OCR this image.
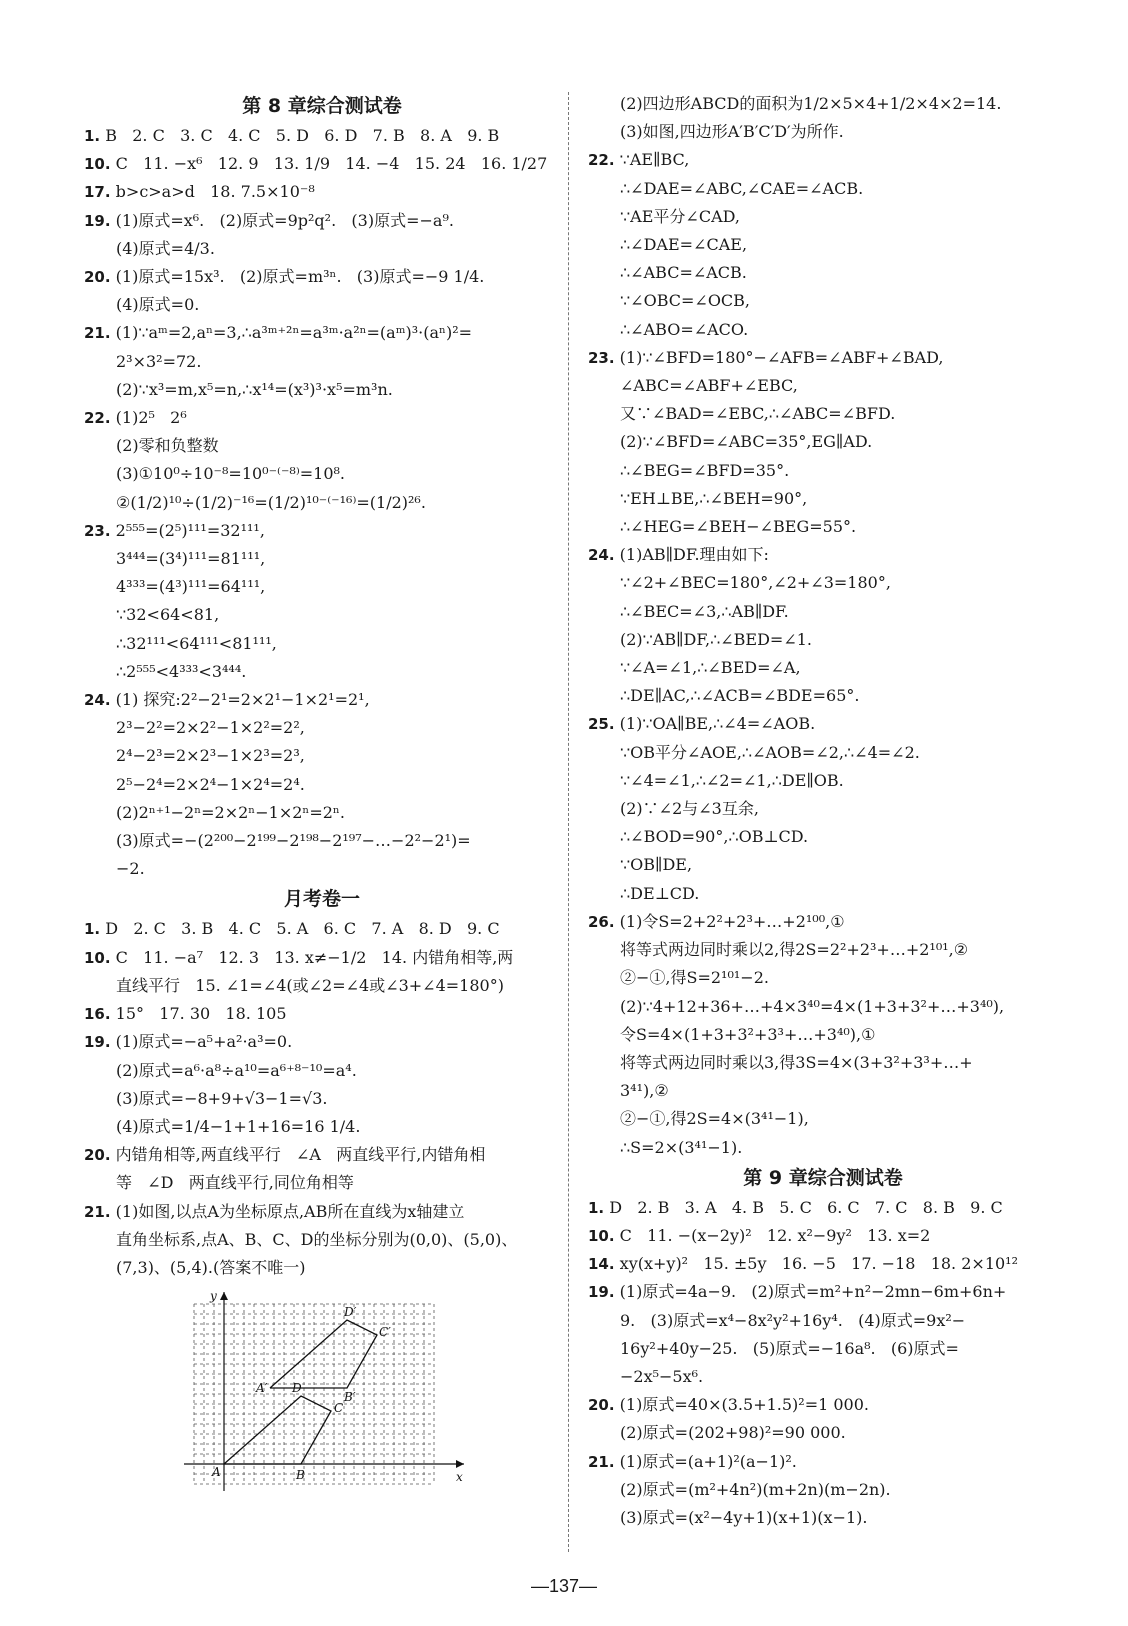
第 8 章综合测试卷
1. B   2. C   3. C   4. C   5. D   6. D   7. B   8. A   9. B
10. C   11. −x⁶   12. 9   13. 1/9   14. −4   15. 24   16. 1/27
17. b>c>a>d   18. 7.5×10⁻⁸
19. (1)原式=x⁶.   (2)原式=9p²q².   (3)原式=−a⁹.
(4)原式=4/3.
20. (1)原式=15x³.   (2)原式=m³ⁿ.   (3)原式=−9 1/4.
(4)原式=0.
21. (1)∵aᵐ=2,aⁿ=3,∴a³ᵐ⁺²ⁿ=a³ᵐ·a²ⁿ=(aᵐ)³·(aⁿ)²=
2³×3²=72.
(2)∵x³=m,x⁵=n,∴x¹⁴=(x³)³·x⁵=m³n.
22. (1)2⁵   2⁶
(2)零和负整数
(3)①10⁰÷10⁻⁸=10⁰⁻⁽⁻⁸⁾=10⁸.
②(1/2)¹⁰÷(1/2)⁻¹⁶=(1/2)¹⁰⁻⁽⁻¹⁶⁾=(1/2)²⁶.
23. 2⁵⁵⁵=(2⁵)¹¹¹=32¹¹¹,
3⁴⁴⁴=(3⁴)¹¹¹=81¹¹¹,
4³³³=(4³)¹¹¹=64¹¹¹,
∵32<64<81,
∴32¹¹¹<64¹¹¹<81¹¹¹,
∴2⁵⁵⁵<4³³³<3⁴⁴⁴.
24. (1) 探究:2²−2¹=2×2¹−1×2¹=2¹,
2³−2²=2×2²−1×2²=2²,
2⁴−2³=2×2³−1×2³=2³,
2⁵−2⁴=2×2⁴−1×2⁴=2⁴.
(2)2ⁿ⁺¹−2ⁿ=2×2ⁿ−1×2ⁿ=2ⁿ.
(3)原式=−(2²⁰⁰−2¹⁹⁹−2¹⁹⁸−2¹⁹⁷−…−2²−2¹)=
−2.
月考卷一
1. D   2. C   3. B   4. C   5. A   6. C   7. A   8. D   9. C
10. C   11. −a⁷   12. 3   13. x≠−1/2   14. 内错角相等,两
直线平行   15. ∠1=∠4(或∠2=∠4或∠3+∠4=180°)
16. 15°   17. 30   18. 105
19. (1)原式=−a⁵+a²·a³=0.
(2)原式=a⁶·a⁸÷a¹⁰=a⁶⁺⁸⁻¹⁰=a⁴.
(3)原式=−8+9+√3−1=√3.
(4)原式=1/4−1+1+16=16 1/4.
20. 内错角相等,两直线平行   ∠A   两直线平行,内错角相
等   ∠D   两直线平行,同位角相等
21. (1)如图,以点A为坐标原点,AB所在直线为x轴建立
直角坐标系,点A、B、C、D的坐标分别为(0,0)、(5,0)、
(7,3)、(5,4).(答案不唯一)
y
x
A	B
C
D
A′
B′
C′
D′
(2)四边形ABCD的面积为1/2×5×4+1/2×4×2=14.
(3)如图,四边形A′B′C′D′为所作.
22. ∵AE∥BC,
∴∠DAE=∠ABC,∠CAE=∠ACB.
∵AE平分∠CAD,
∴∠DAE=∠CAE,
∴∠ABC=∠ACB.
∵∠OBC=∠OCB,
∴∠ABO=∠ACO.
23. (1)∵∠BFD=180°−∠AFB=∠ABF+∠BAD,
∠ABC=∠ABF+∠EBC,
又∵∠BAD=∠EBC,∴∠ABC=∠BFD.
(2)∵∠BFD=∠ABC=35°,EG∥AD.
∴∠BEG=∠BFD=35°.
∵EH⊥BE,∴∠BEH=90°,
∴∠HEG=∠BEH−∠BEG=55°.
24. (1)AB∥DF.理由如下:
∵∠2+∠BEC=180°,∠2+∠3=180°,
∴∠BEC=∠3,∴AB∥DF.
(2)∵AB∥DF,∴∠BED=∠1.
∵∠A=∠1,∴∠BED=∠A,
∴DE∥AC,∴∠ACB=∠BDE=65°.
25. (1)∵OA∥BE,∴∠4=∠AOB.
∵OB平分∠AOE,∴∠AOB=∠2,∴∠4=∠2.
∵∠4=∠1,∴∠2=∠1,∴DE∥OB.
(2)∵∠2与∠3互余,
∴∠BOD=90°,∴OB⊥CD.
∵OB∥DE,
∴DE⊥CD.
26. (1)令S=2+2²+2³+…+2¹⁰⁰,①
将等式两边同时乘以2,得2S=2²+2³+…+2¹⁰¹,②
②−①,得S=2¹⁰¹−2.
(2)∵4+12+36+…+4×3⁴⁰=4×(1+3+3²+…+3⁴⁰),
令S=4×(1+3+3²+3³+…+3⁴⁰),①
将等式两边同时乘以3,得3S=4×(3+3²+3³+…+
3⁴¹),②
②−①,得2S=4×(3⁴¹−1),
∴S=2×(3⁴¹−1).
第 9 章综合测试卷
1. D   2. B   3. A   4. B   5. C   6. C   7. C   8. B   9. C
10. C   11. −(x−2y)²   12. x²−9y²   13. x=2
14. xy(x+y)²   15. ±5y   16. −5   17. −18   18. 2×10¹²
19. (1)原式=4a−9.   (2)原式=m²+n²−2mn−6m+6n+
9.   (3)原式=x⁴−8x²y²+16y⁴.   (4)原式=9x²−
16y²+40y−25.   (5)原式=−16a⁸.   (6)原式=
−2x⁵−5x⁶.
20. (1)原式=40×(3.5+1.5)²=1 000.
(2)原式=(202+98)²=90 000.
21. (1)原式=(a+1)²(a−1)².
(2)原式=(m²+4n²)(m+2n)(m−2n).
(3)原式=(x²−4y+1)(x+1)(x−1).
—137—
